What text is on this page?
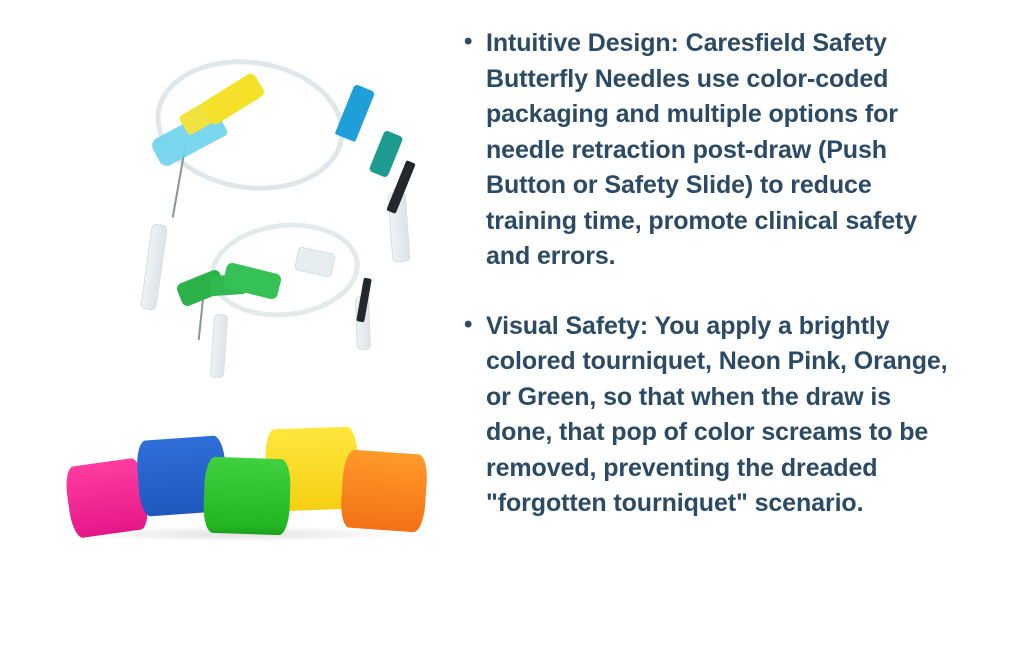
• Intuitive Design: Caresfield Safety Butterfly Needles use color-coded packaging and multiple options for needle retraction post-draw (Push Button or Safety Slide) to reduce training time, promote clinical safety and errors.
• Visual Safety: You apply a brightly colored tourniquet, Neon Pink, Orange, or Green, so that when the draw is done, that pop of color screams to be removed, preventing the dreaded "forgotten tourniquet" scenario.
